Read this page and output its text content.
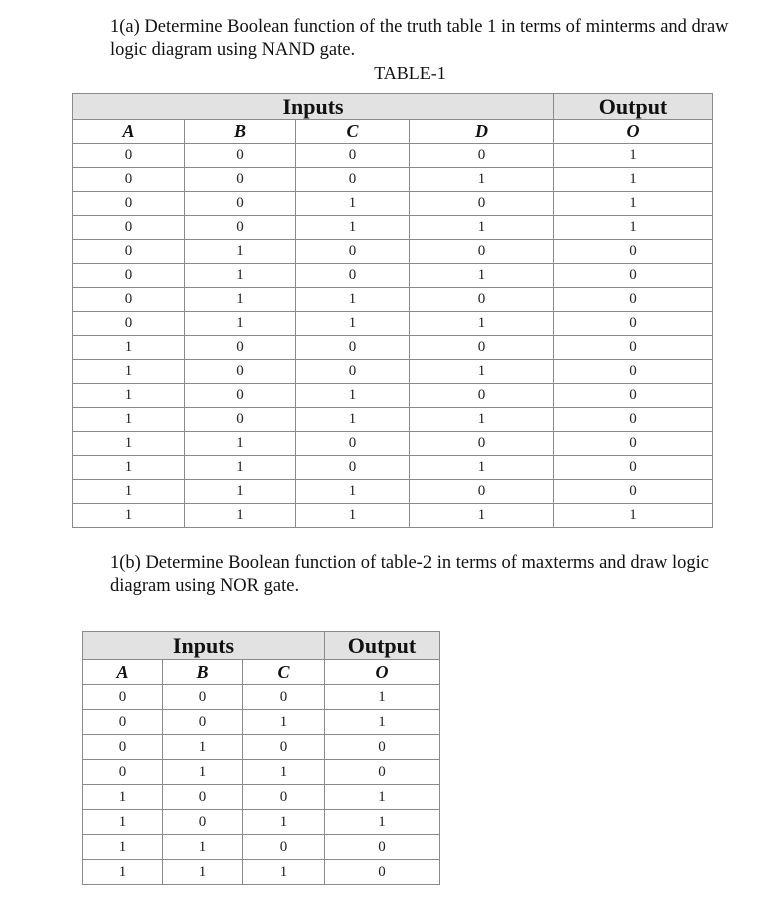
1(a) Determine Boolean function of the truth table 1 in terms of minterms and draw logic diagram using NAND gate.
TABLE-1
Inputs				Output
A	B	C	D	O
0	0	0	0	1
0	0	0	1	1
0	0	1	0	1
0	0	1	1	1
0	1	0	0	0
0	1	0	1	0
0	1	1	0	0
0	1	1	1	0
1	0	0	0	0
1	0	0	1	0
1	0	1	0	0
1	0	1	1	0
1	1	0	0	0
1	1	0	1	0
1	1	1	0	0
1	1	1	1	1
1(b) Determine Boolean function of table-2 in terms of maxterms and draw logic diagram using NOR gate.
Inputs			Output
A	B	C	O
0	0	0	1
0	0	1	1
0	1	0	0
0	1	1	0
1	0	0	1
1	0	1	1
1	1	0	0
1	1	1	0
